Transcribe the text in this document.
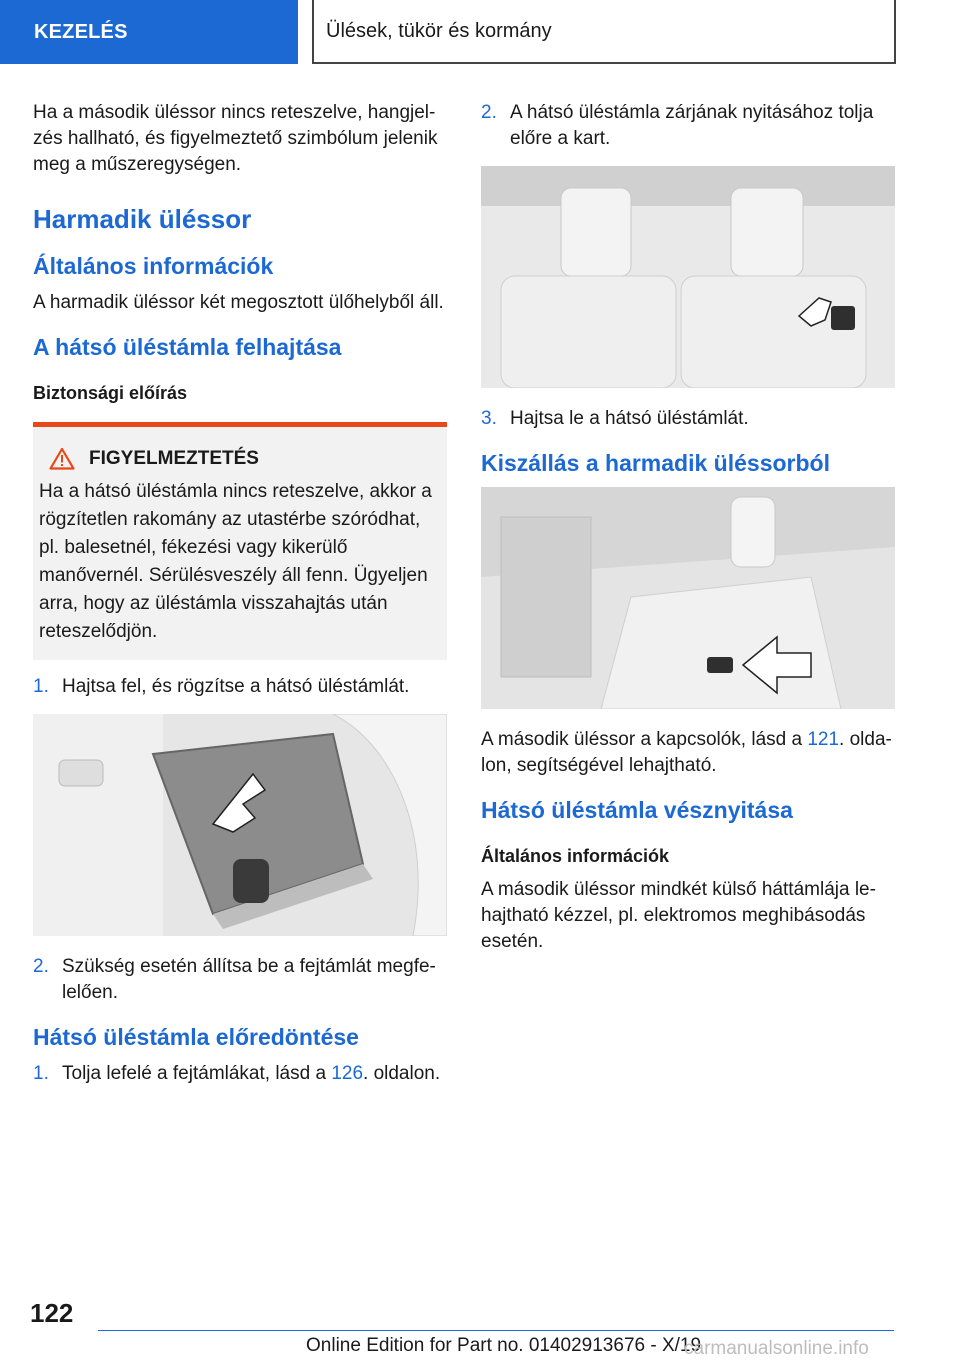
KEZELÉS	Ülések, tükör és kormány

Ha a második üléssor nincs reteszelve, hangjel-zés hallható, és figyelmeztető szimbólum jelenik meg a műszeregységen.

Harmadik üléssor
Általános információk

A harmadik üléssor két megosztott ülőhelyből áll.

A hátsó üléstámla felhajtása
Biztonsági előírás
FIGYELMEZTETÉS
Ha a hátsó üléstámla nincs reteszelve, akkor a rögzítetlen rakomány az utastérbe szóródhat, pl. balesetnél, fékezési vagy kikerülő manővernél. Sérülésveszély áll fenn. Ügyeljen arra, hogy az üléstámla visszahajtás után reteszelődjön.
1. Hajtsa fel, és rögzítse a hátsó üléstámlát.
2. Szükség esetén állítsa be a fejtámlát megfe-lelően.
Hátsó üléstámla előredöntése
1. Tolja lefelé a fejtámlákat, lásd a 126. oldalon.
2. A hátsó üléstámla zárjának nyitásához tolja előre a kart.
3. Hajtsa le a hátsó üléstámlát.
Kiszállás a harmadik üléssorból

A második üléssor a kapcsolók, lásd a 121. olda-lon, segítségével lehajtható.

Hátsó üléstámla vésznyitása
Általános információk

A második üléssor mindkét külső háttámlája le-hajtható kézzel, pl. elektromos meghibásodás esetén.

122
Online Edition for Part no. 01402913676 - X/19
carmanualsonline.info
